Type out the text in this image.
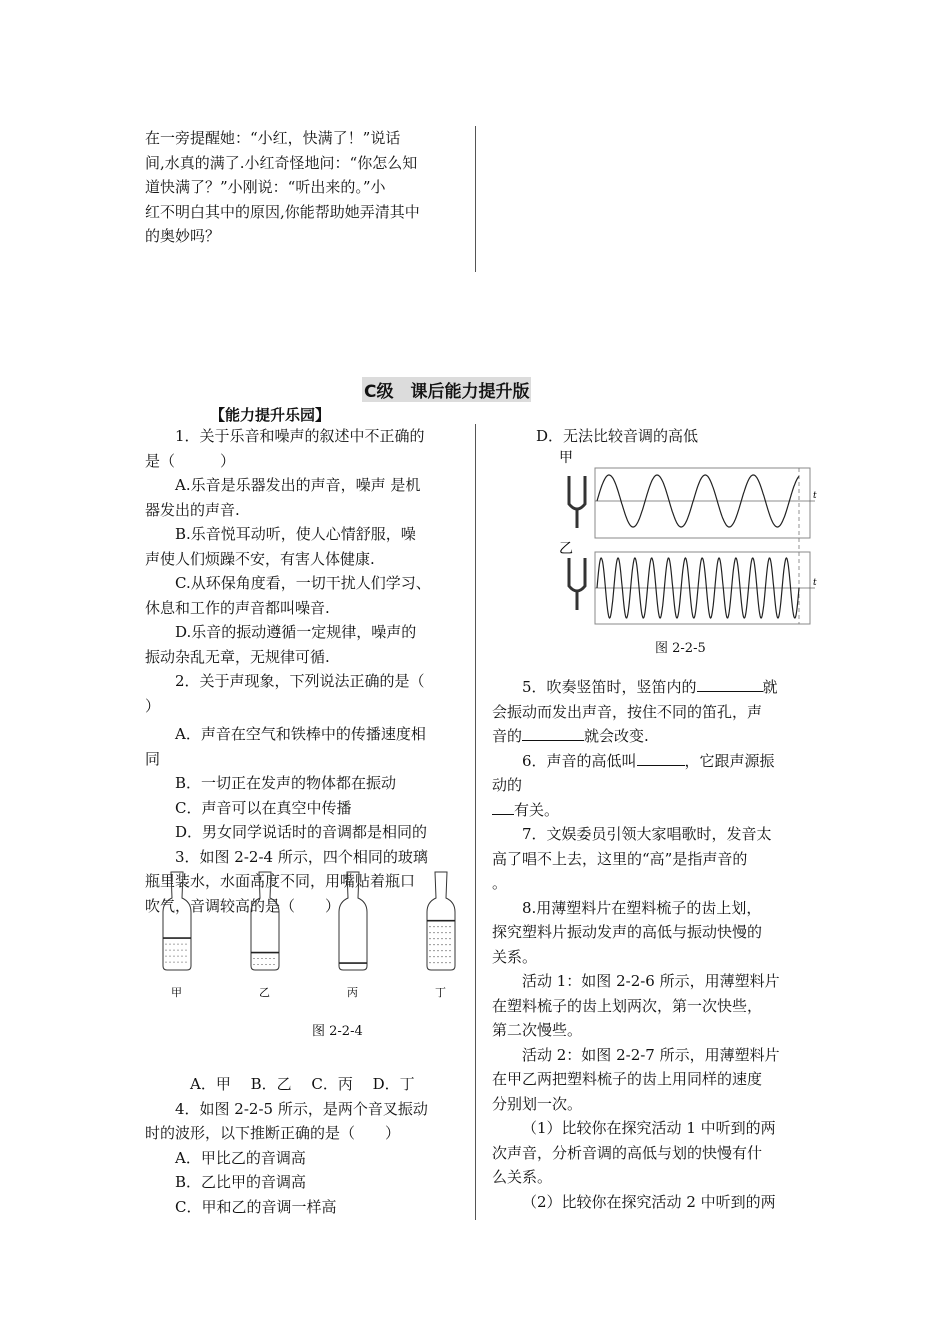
在一旁提醒她：“小红，快满了！”说话

间,水真的满了.小红奇怪地问：“你怎么知

道快满了？”小刚说：“听出来的。”小

红不明白其中的原因,你能帮助她弄清其中

的奥妙吗？

C级　课后能力提升版
【能力提升乐园】

1．关于乐音和噪声的叙述中不正确的

是（　　　）

A.乐音是乐器发出的声音，噪声 是机

器发出的声音.

B.乐音悦耳动听，使人心情舒服，噪

声使人们烦躁不安，有害人体健康.

C.从环保角度看，一切干扰人们学习、

休息和工作的声音都叫噪音.

D.乐音的振动遵循一定规律，噪声的

振动杂乱无章，无规律可循.

2．关于声现象，下列说法正确的是（

）

A．声音在空气和铁棒中的传播速度相

同

B．一切正在发声的物体都在振动

C．声音可以在真空中传播

D．男女同学说话时的音调都是相同的

3．如图 2-2-4 所示，四个相同的玻璃

瓶里装水，水面高度不同，用嘴贴着瓶口

吹气，音调较高的是（　　）

甲	乙	丙	丁
图 2-2-4

A．甲　 B．乙　 C．丙　 D．丁

4．如图 2-2-5 所示，是两个音叉振动

时的波形，以下推断正确的是（　　）

A．甲比乙的音调高

B．乙比甲的音调高

C．甲和乙的音调一样高

D．无法比较音调的高低

甲
乙
t
t
图 2-2-5

5．吹奏竖笛时，竖笛内的	就

会振动而发出声音，按住不同的笛孔，声

音的	就会改变.

6．声音的高低叫	，它跟声源振

动的

有关。

7．文娱委员引领大家唱歌时，发音太

高了唱不上去，这里的“高”是指声音的

。

8.用薄塑料片在塑料梳子的齿上划，

探究塑料片振动发声的高低与振动快慢的

关系。

活动 1：如图 2-2-6 所示，用薄塑料片

在塑料梳子的齿上划两次，第一次快些，

第二次慢些。

活动 2：如图 2-2-7 所示，用薄塑料片

在甲乙两把塑料梳子的齿上用同样的速度

分别划一次。

（1）比较你在探究活动 1 中听到的两

次声音，分析音调的高低与划的快慢有什

么关系。

（2）比较你在探究活动 2 中听到的两
